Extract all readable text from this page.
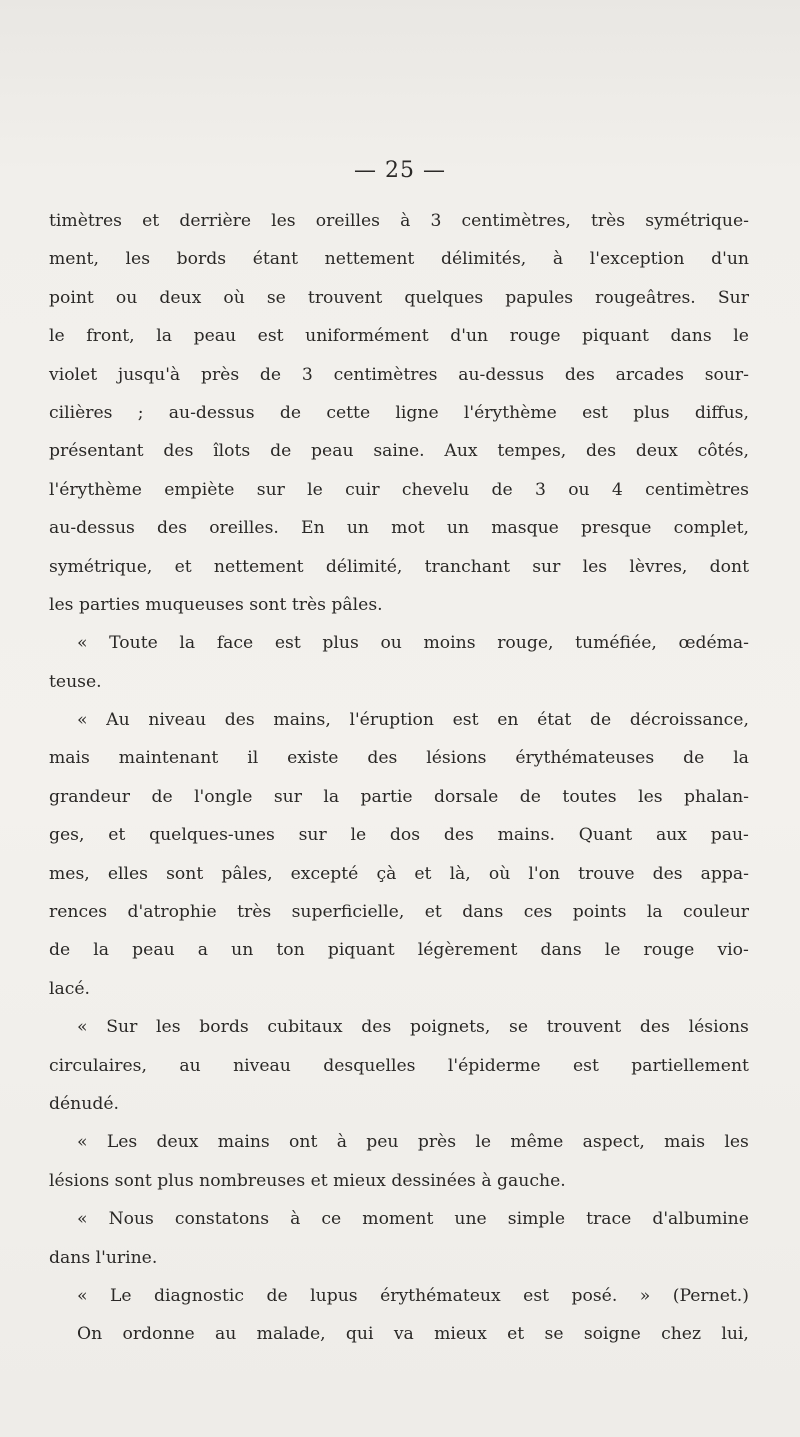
— 25 —
timètres et derrière les oreilles à 3 centimètres, très symétrique-
ment, les bords étant nettement délimités, à l'exception d'un
point ou deux où se trouvent quelques papules rougeâtres. Sur
le front, la peau est uniformément d'un rouge piquant dans le
violet jusqu'à près de 3 centimètres au-dessus des arcades sour-
cilières ; au-dessus de cette ligne l'érythème est plus diffus,
présentant des îlots de peau saine. Aux tempes, des deux côtés,
l'érythème empiète sur le cuir chevelu de 3 ou 4 centimètres
au-dessus des oreilles. En un mot un masque presque complet,
symétrique, et nettement délimité, tranchant sur les lèvres, dont
les parties muqueuses sont très pâles.
« Toute la face est plus ou moins rouge, tuméfiée, œdéma-
teuse.
« Au niveau des mains, l'éruption est en état de décroissance,
mais maintenant il existe des lésions érythémateuses de la
grandeur de l'ongle sur la partie dorsale de toutes les phalan-
ges, et quelques-unes sur le dos des mains. Quant aux pau-
mes, elles sont pâles, excepté çà et là, où l'on trouve des appa-
rences d'atrophie très superficielle, et dans ces points la couleur
de la peau a un ton piquant légèrement dans le rouge vio-
lacé.
« Sur les bords cubitaux des poignets, se trouvent des lésions
circulaires, au niveau desquelles l'épiderme est partiellement
dénudé.
« Les deux mains ont à peu près le même aspect, mais les
lésions sont plus nombreuses et mieux dessinées à gauche.
« Nous constatons à ce moment une simple trace d'albumine
dans l'urine.
« Le diagnostic de lupus érythémateux est posé. » (Pernet.)
On ordonne au malade, qui va mieux et se soigne chez lui,
